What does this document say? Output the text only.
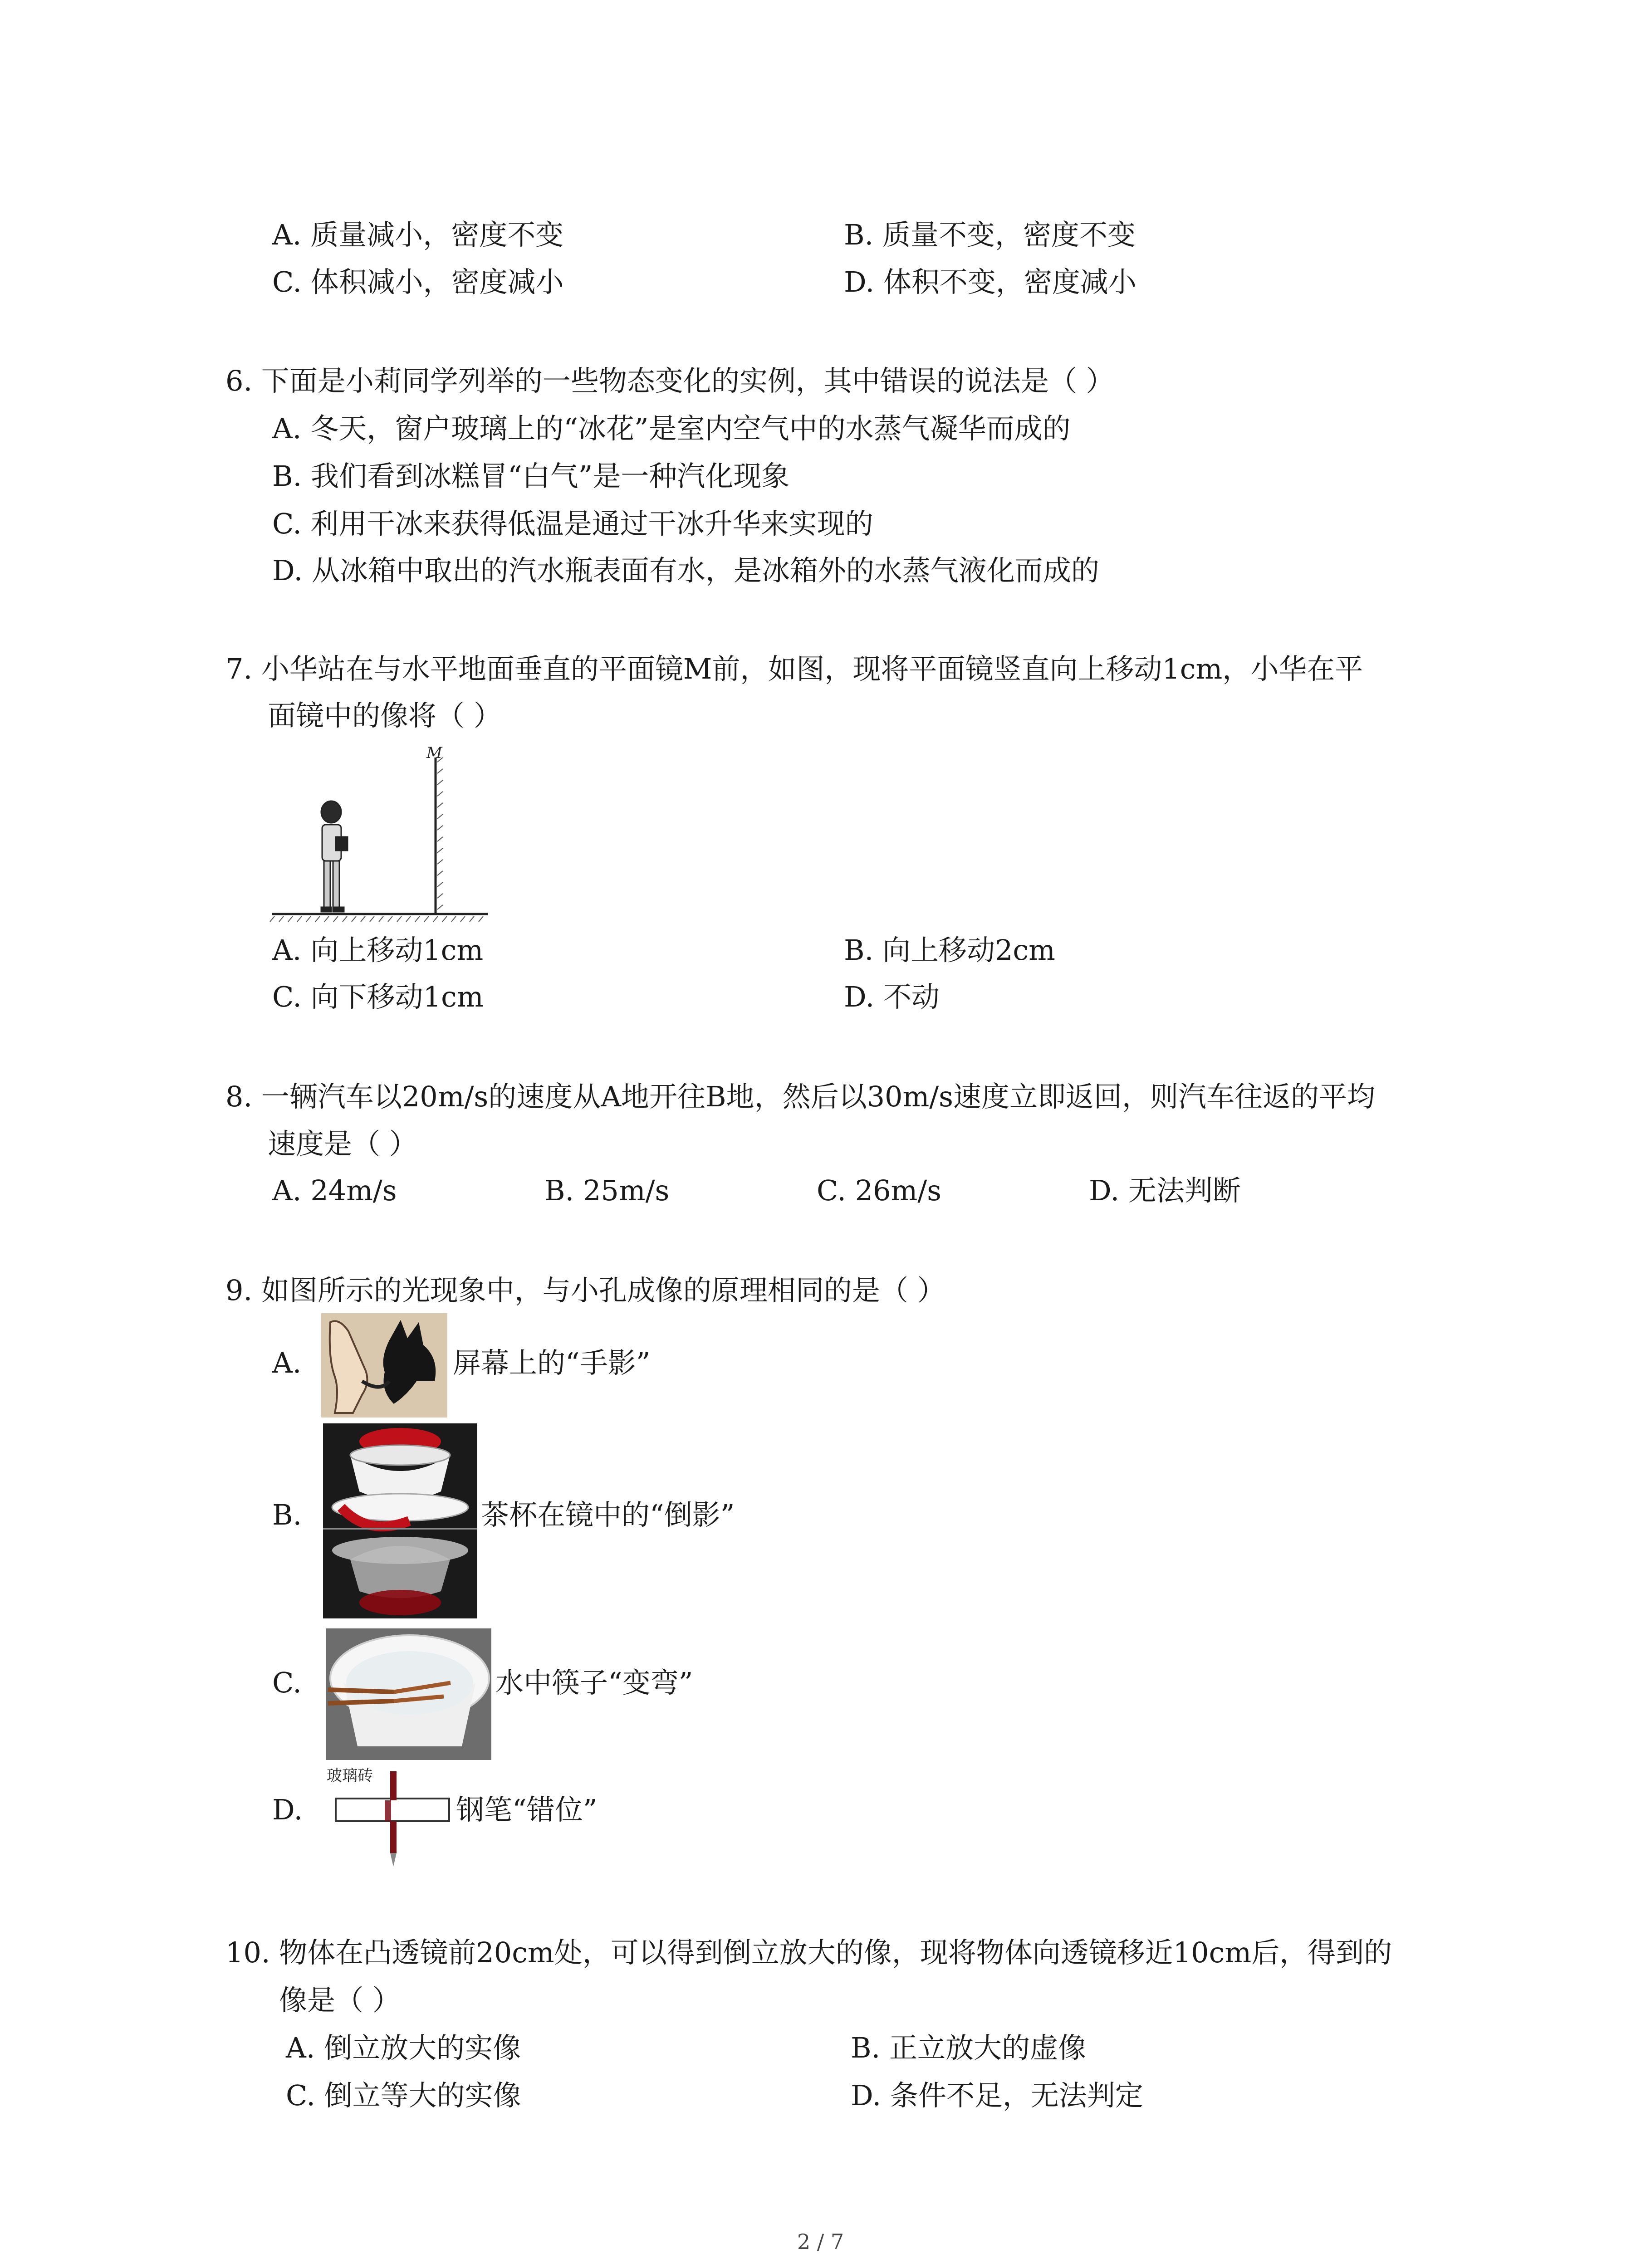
A. 质量减小，密度不变	B. 质量不变，密度不变
C. 体积减小，密度减小	D. 体积不变，密度减小
6. 下面是小莉同学列举的一些物态变化的实例，其中错误的说法是（ ）
A. 冬天，窗户玻璃上的“冰花”是室内空气中的水蒸气凝华而成的
B. 我们看到冰糕冒“白气”是一种汽化现象
C. 利用干冰来获得低温是通过干冰升华来实现的
D. 从冰箱中取出的汽水瓶表面有水，是冰箱外的水蒸气液化而成的
7. 小华站在与水平地面垂直的平面镜M前，如图，现将平面镜竖直向上移动1cm，小华在平
面镜中的像将（ ）
M
A. 向上移动1cm	B. 向上移动2cm
C. 向下移动1cm	D. 不动
8. 一辆汽车以20m/s的速度从A地开往B地，然后以30m/s速度立即返回，则汽车往返的平均
速度是（ ）
A. 24m/s	B. 25m/s	C. 26m/s	D. 无法判断
9. 如图所示的光现象中，与小孔成像的原理相同的是（ ）
A.	屏幕上的“手影”
B.	茶杯在镜中的“倒影”
C.	水中筷子“变弯”
D.
玻璃砖
钢笔“错位”
10. 物体在凸透镜前20cm处，可以得到倒立放大的像，现将物体向透镜移近10cm后，得到的
像是（ ）
A. 倒立放大的实像	B. 正立放大的虚像
C. 倒立等大的实像	D. 条件不足，无法判定
2 / 7
